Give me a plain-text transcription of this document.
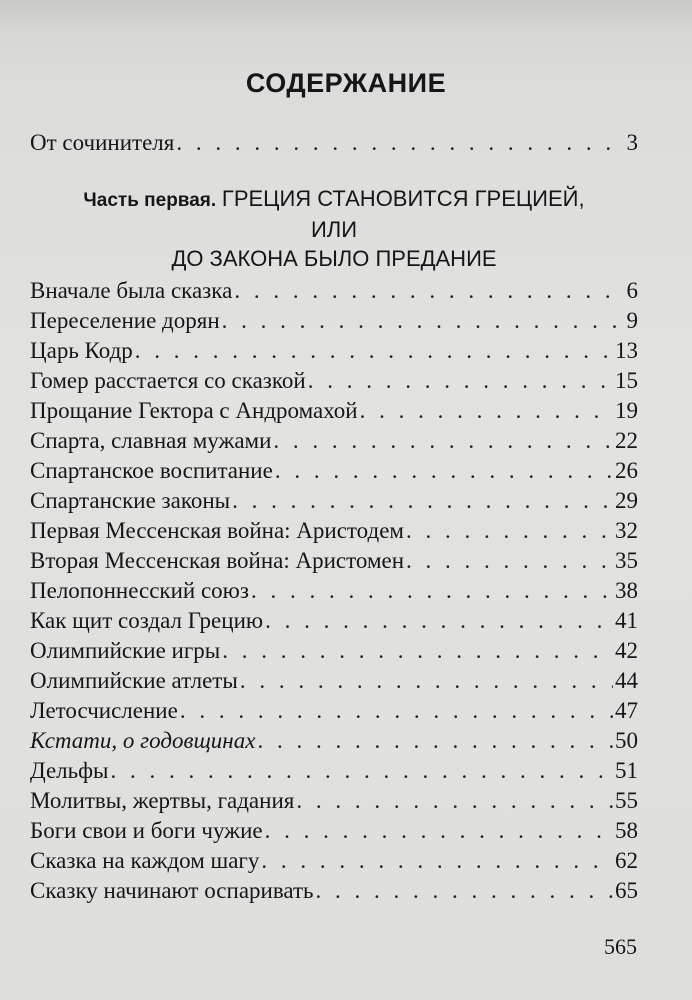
СОДЕРЖАНИЕ
От сочинителя . . .	3
Часть первая. ГРЕЦИЯ СТАНОВИТСЯ ГРЕЦИЕЙ,
ИЛИ
ДО ЗАКОНА БЫЛО ПРЕДАНИЕ
Вначале была сказка . . .	6
Переселение дорян . . .	9
Царь Кодр . . .	13
Гомер расстается со сказкой . . .	15
Прощание Гектора с Андромахой . . .	19
Спарта, славная мужами . . .	22
Спартанское воспитание . . .	26
Спартанские законы . . .	29
Первая Мессенская война: Аристодем . . .	32
Вторая Мессенская война: Аристомен . . .	35
Пелопоннесский союз . . .	38
Как щит создал Грецию . . .	41
Олимпийские игры . . .	42
Олимпийские атлеты . . .	44
Летосчисление . . .	47
Кстати, о годовщинах . . .	50
Дельфы . . .	51
Молитвы, жертвы, гадания . . .	55
Боги свои и боги чужие . . .	58
Сказка на каждом шагу . . .	62
Сказку начинают оспаривать . . .	65
565
